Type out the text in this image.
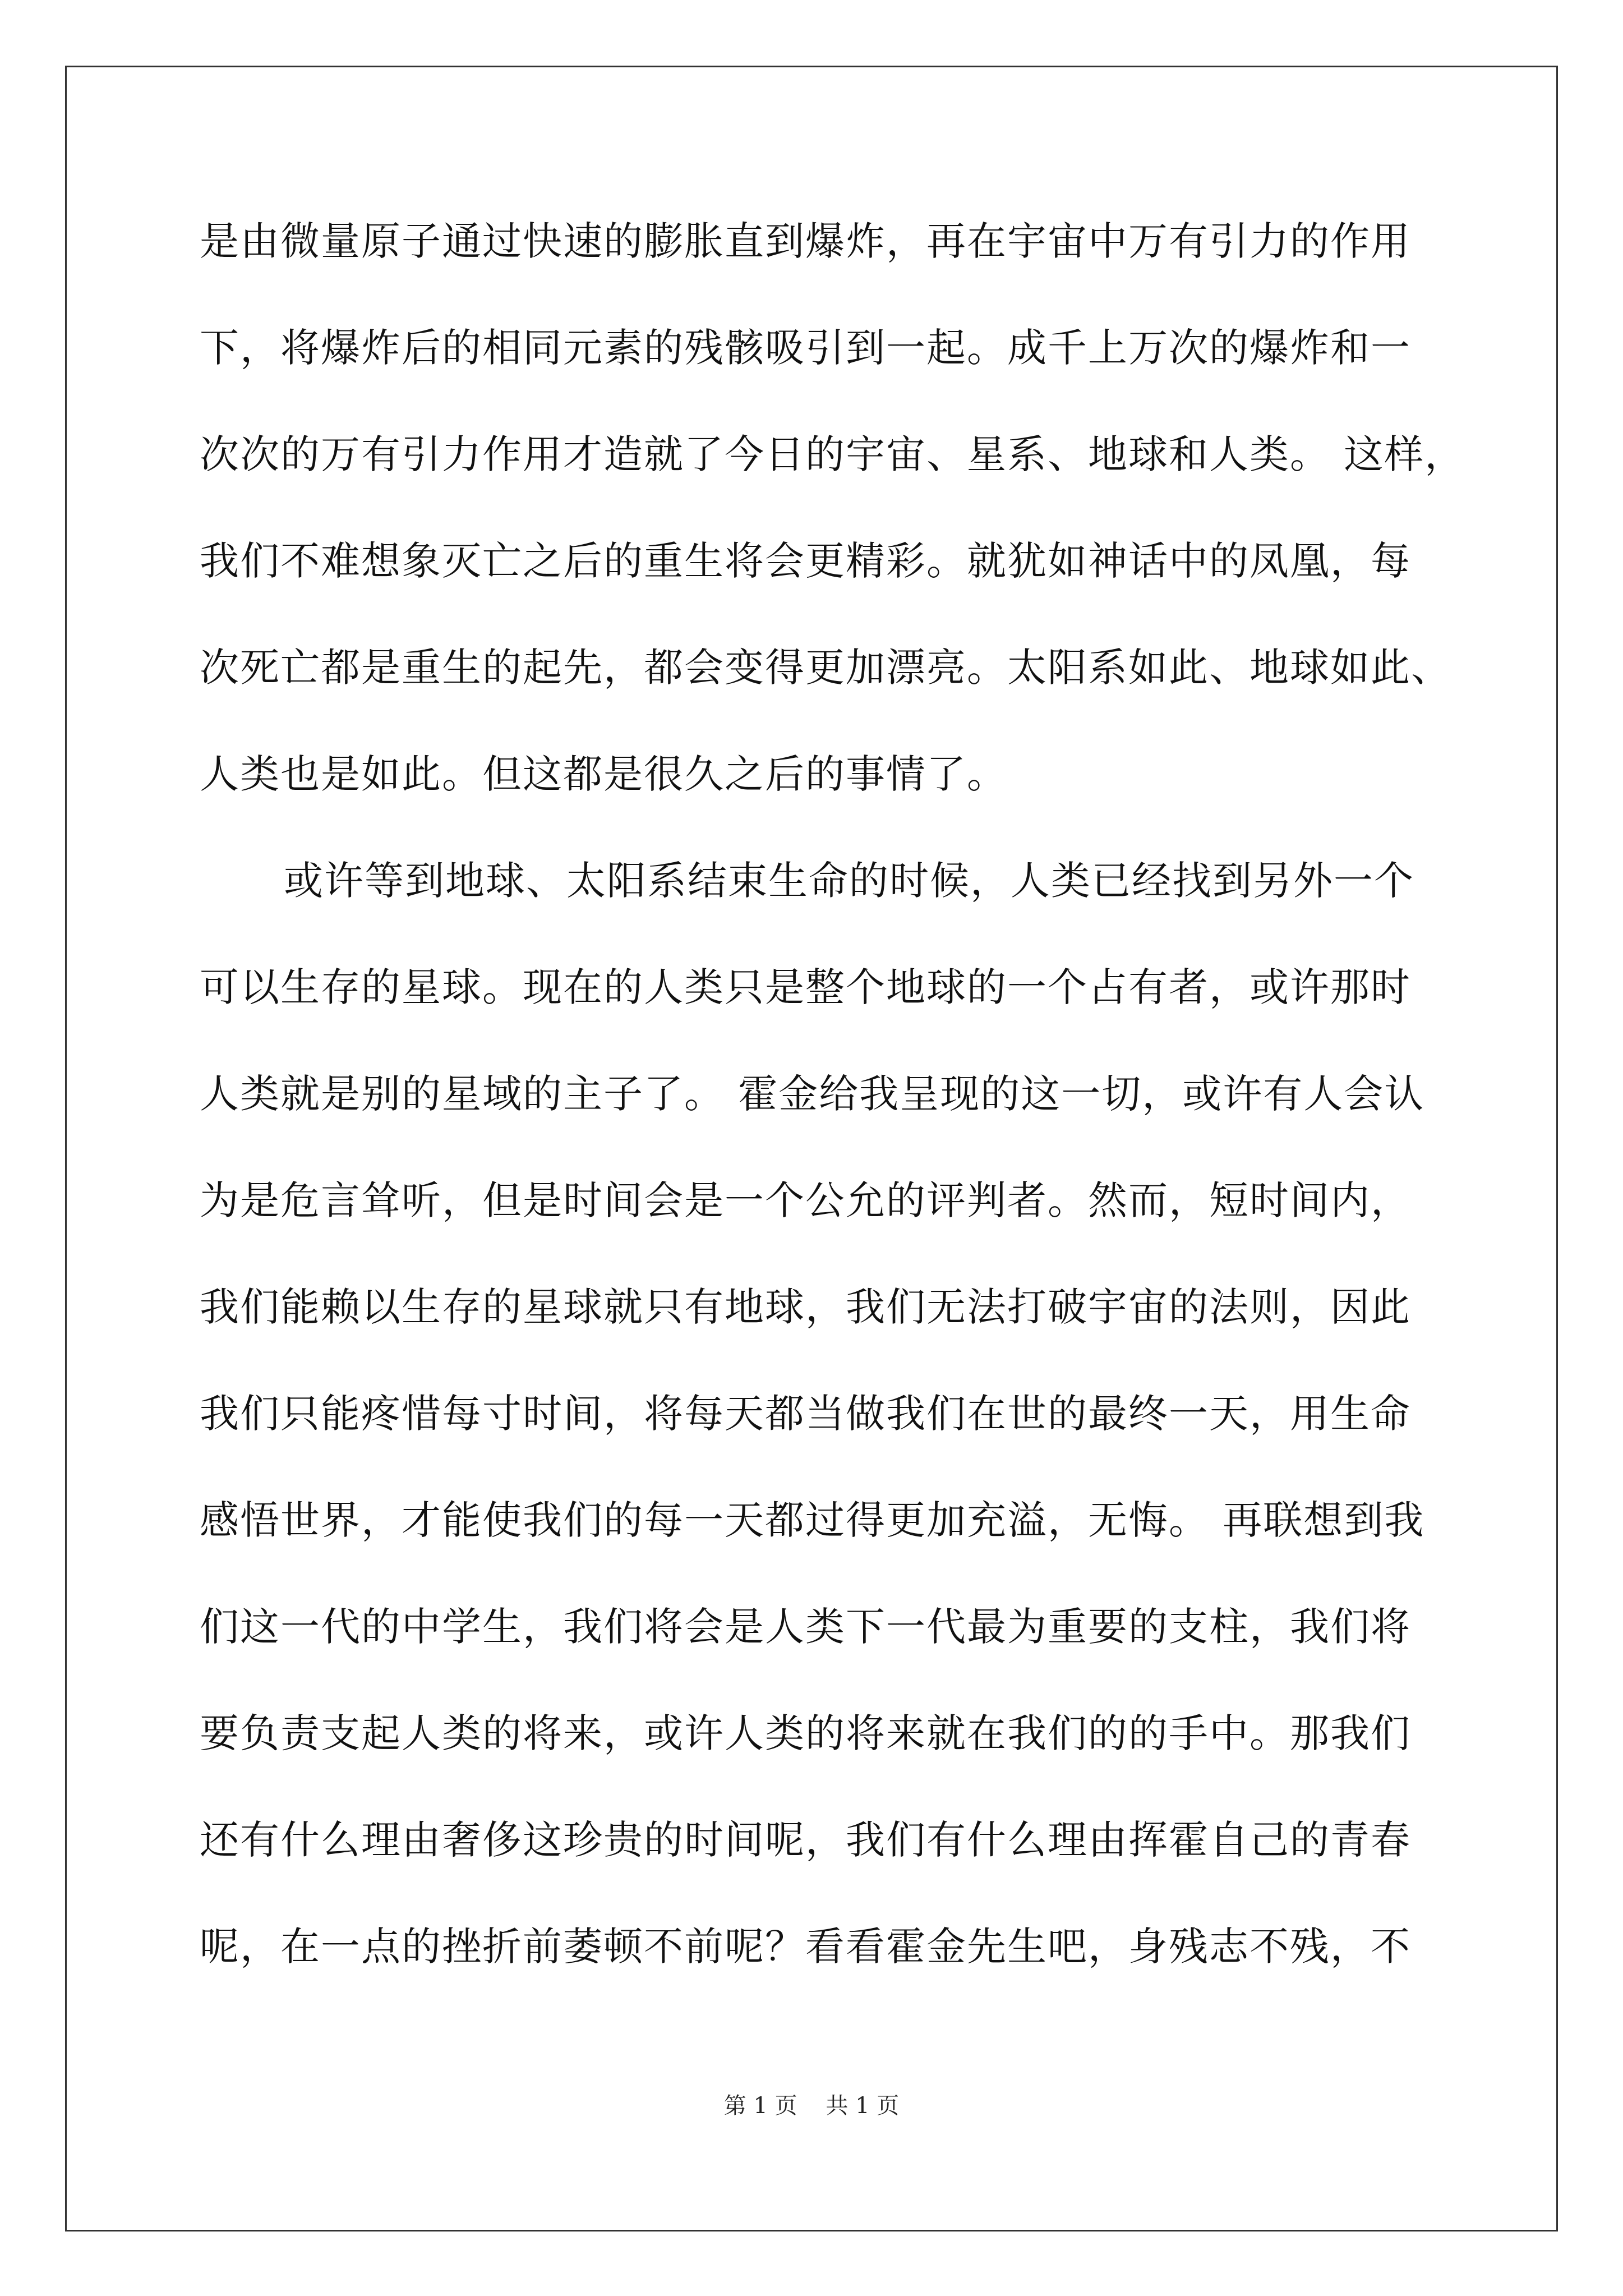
是由微量原子通过快速的膨胀直到爆炸，再在宇宙中万有引力的作用
下，将爆炸后的相同元素的残骸吸引到一起。成千上万次的爆炸和一
次次的万有引力作用才造就了今日的宇宙、星系、地球和人类。 这样，
我们不难想象灭亡之后的重生将会更精彩。就犹如神话中的凤凰，每
次死亡都是重生的起先，都会变得更加漂亮。太阳系如此、地球如此、
人类也是如此。但这都是很久之后的事情了。
或许等到地球、太阳系结束生命的时候，人类已经找到另外一个
可以生存的星球。现在的人类只是整个地球的一个占有者，或许那时
人类就是别的星域的主子了。 霍金给我呈现的这一切，或许有人会认
为是危言耸听，但是时间会是一个公允的评判者。然而，短时间内，
我们能赖以生存的星球就只有地球，我们无法打破宇宙的法则，因此
我们只能疼惜每寸时间，将每天都当做我们在世的最终一天，用生命
感悟世界，才能使我们的每一天都过得更加充溢，无悔。 再联想到我
们这一代的中学生，我们将会是人类下一代最为重要的支柱，我们将
要负责支起人类的将来，或许人类的将来就在我们的的手中。那我们
还有什么理由奢侈这珍贵的时间呢，我们有什么理由挥霍自己的青春
呢，在一点的挫折前萎顿不前呢？看看霍金先生吧，身残志不残，不
第 1 页    共 1 页
